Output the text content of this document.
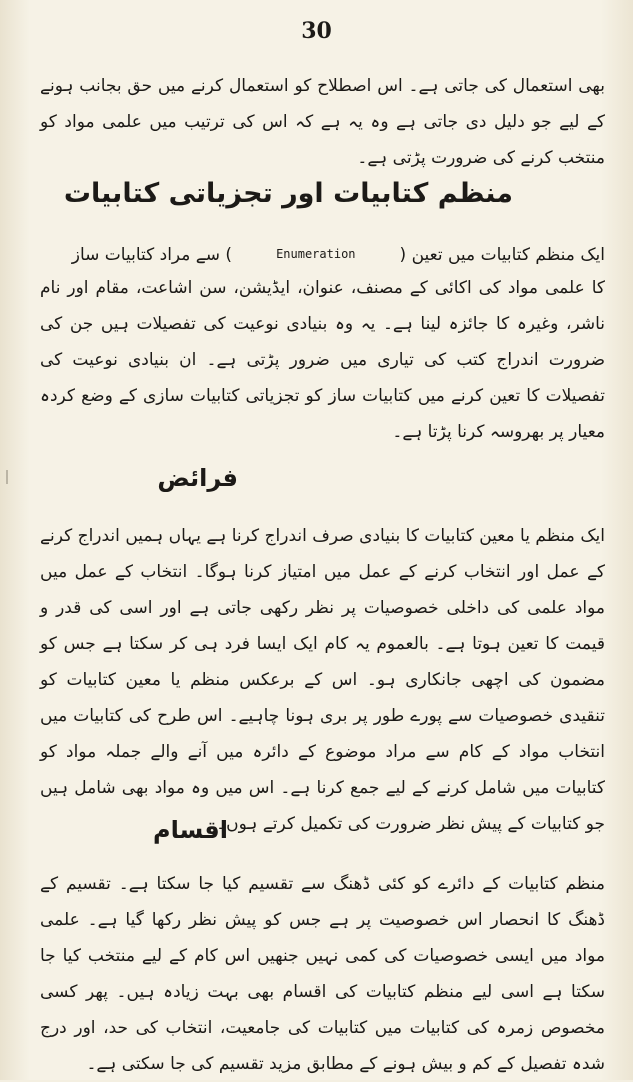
30
بھی استعمال کی جاتی ہے۔ اس اصطلاح کو استعمال کرنے میں حق بجانب ہونے کے لیے جو دلیل دی جاتی ہے وہ یہ ہے کہ اس کی ترتیب میں علمی مواد کو منتخب کرنے کی ضرورت پڑتی ہے۔
منظم کتابیات اور تجزیاتی کتابیات
ایک منظم کتابیات میں تعین (Enumeration) سے مراد کتابیات ساز
کا علمی مواد کی اکائی کے مصنف، عنوان، ایڈیشن، سن اشاعت، مقام اور نام ناشر، وغیرہ کا جائزہ لینا ہے۔ یہ وہ بنیادی نوعیت کی تفصیلات ہیں جن کی ضرورت اندراج کتب کی تیاری میں ضرور پڑتی ہے۔ ان بنیادی نوعیت کی تفصیلات کا تعین کرنے میں کتابیات ساز کو تجزیاتی کتابیات سازی کے وضع کردہ معیار پر بھروسہ کرنا پڑتا ہے۔
فرائض
ایک منظم یا معین کتابیات کا بنیادی صرف اندراج کرنا ہے یہاں ہمیں اندراج کرنے کے عمل اور انتخاب کرنے کے عمل میں امتیاز کرنا ہوگا۔ انتخاب کے عمل میں مواد علمی کی داخلی خصوصیات پر نظر رکھی جاتی ہے اور اسی کی قدر و قیمت کا تعین ہوتا ہے۔ بالعموم یہ کام ایک ایسا فرد ہی کر سکتا ہے جس کو مضمون کی اچھی جانکاری ہو۔ اس کے برعکس منظم یا معین کتابیات کو تنقیدی خصوصیات سے پورے طور پر بری ہونا چاہیے۔ اس طرح کی کتابیات میں انتخاب مواد کے کام سے مراد موضوع کے دائرہ میں آنے والے جملہ مواد کو کتابیات میں شامل کرنے کے لیے جمع کرنا ہے۔ اس میں وہ مواد بھی شامل ہیں جو کتابیات کے پیش نظر ضرورت کی تکمیل کرتے ہوں۔
اقسام
منظم کتابیات کے دائرے کو کئی ڈھنگ سے تقسیم کیا جا سکتا ہے۔ تقسیم کے ڈھنگ کا انحصار اس خصوصیت پر ہے جس کو پیش نظر رکھا گیا ہے۔ علمی مواد میں ایسی خصوصیات کی کمی نہیں جنھیں اس کام کے لیے منتخب کیا جا سکتا ہے اسی لیے منظم کتابیات کی اقسام بھی بہت زیادہ ہیں۔ پھر کسی مخصوص زمرہ کی کتابیات میں کتابیات کی جامعیت، انتخاب کی حد، اور درج شدہ تفصیل کے کم و بیش ہونے کے مطابق مزید تقسیم کی جا سکتی ہے۔
